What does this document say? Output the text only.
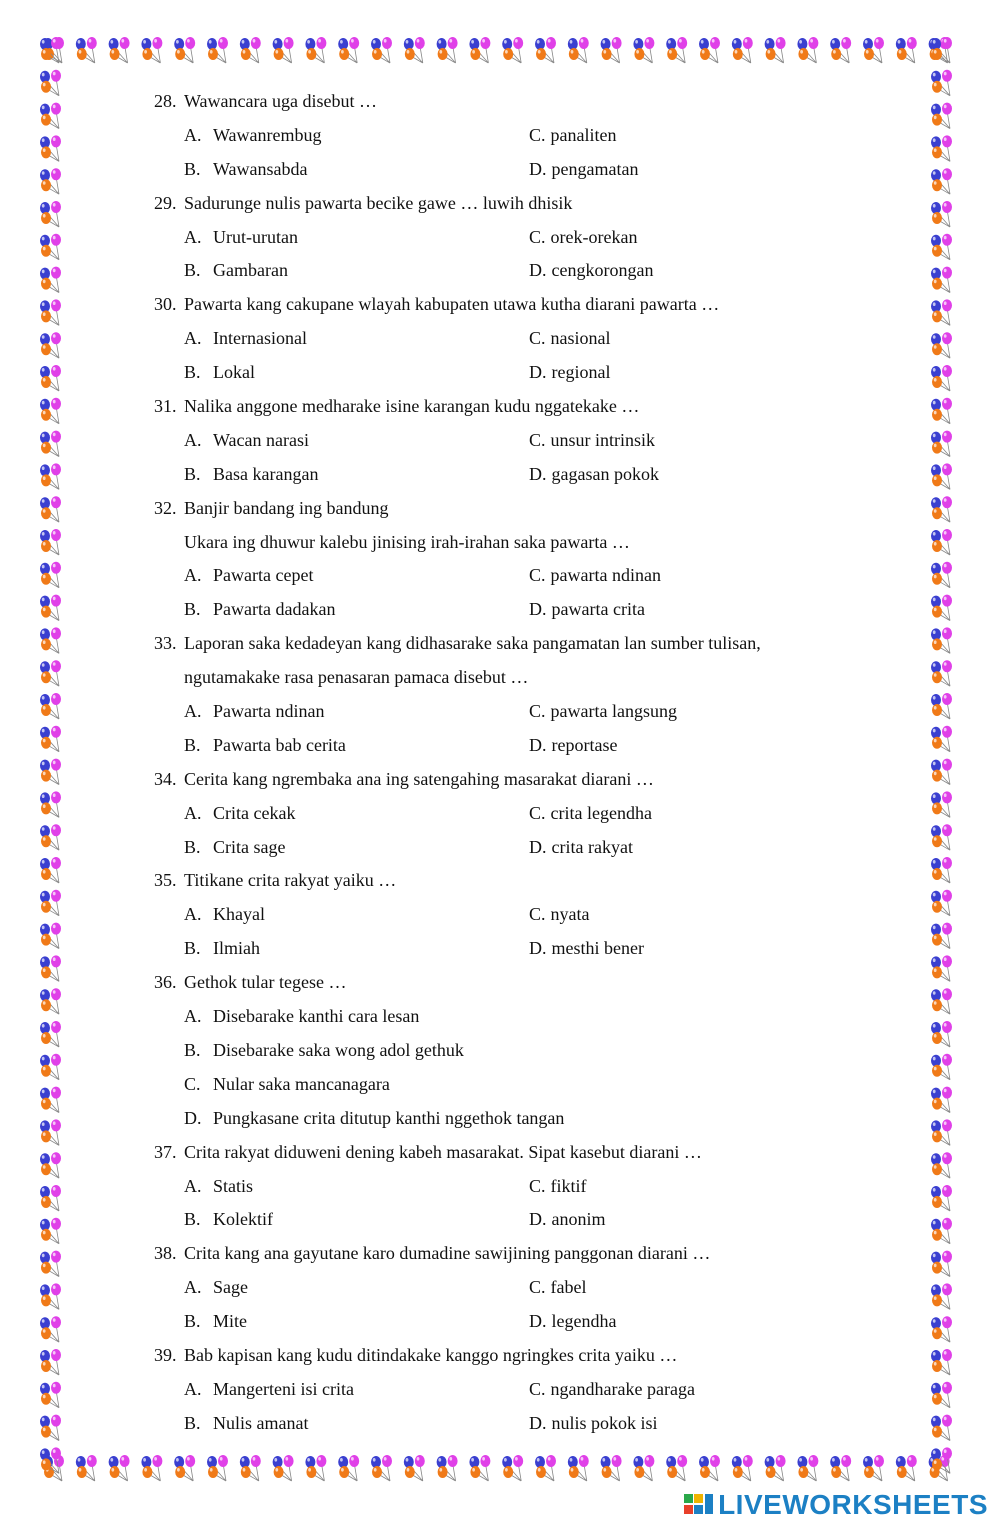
28. Wawancara uga disebut …
A. Wawanrembug	C. panaliten
B. Wawansabda	D. pengamatan
29. Sadurunge nulis pawarta becike gawe … luwih dhisik
A. Urut-urutan	C. orek-orekan
B. Gambaran	D. cengkorongan
30. Pawarta kang cakupane wlayah kabupaten utawa kutha diarani pawarta …
A. Internasional	C. nasional
B. Lokal	D. regional
31. Nalika anggone medharake isine karangan kudu nggatekake …
A. Wacan narasi	C. unsur intrinsik
B. Basa karangan	D. gagasan pokok
32. Banjir bandang ing bandung
Ukara ing dhuwur kalebu jinising irah-irahan saka pawarta …
A. Pawarta cepet	C. pawarta ndinan
B. Pawarta dadakan	D. pawarta crita
33. Laporan saka kedadeyan kang didhasarake saka pangamatan lan sumber tulisan,
ngutamakake rasa penasaran pamaca disebut …
A. Pawarta ndinan	C. pawarta langsung
B. Pawarta bab cerita	D. reportase
34. Cerita kang ngrembaka ana ing satengahing masarakat diarani …
A. Crita cekak	C. crita legendha
B. Crita sage	D. crita rakyat
35. Titikane crita rakyat yaiku …
A. Khayal	C. nyata
B. Ilmiah	D. mesthi bener
36. Gethok tular tegese …
A. Disebarake kanthi cara lesan
B. Disebarake saka wong adol gethuk
C. Nular saka mancanagara
D. Pungkasane crita ditutup kanthi nggethok tangan
37. Crita rakyat diduweni dening kabeh masarakat. Sipat kasebut diarani …
A. Statis	C. fiktif
B. Kolektif	D. anonim
38. Crita kang ana gayutane karo dumadine sawijining panggonan diarani …
A. Sage	C. fabel
B. Mite	D. legendha
39. Bab kapisan kang kudu ditindakake kanggo ngringkes crita yaiku …
A. Mangerteni isi crita	C. ngandharake paraga
B. Nulis amanat	D. nulis pokok isi
LIVEWORKSHEETS
